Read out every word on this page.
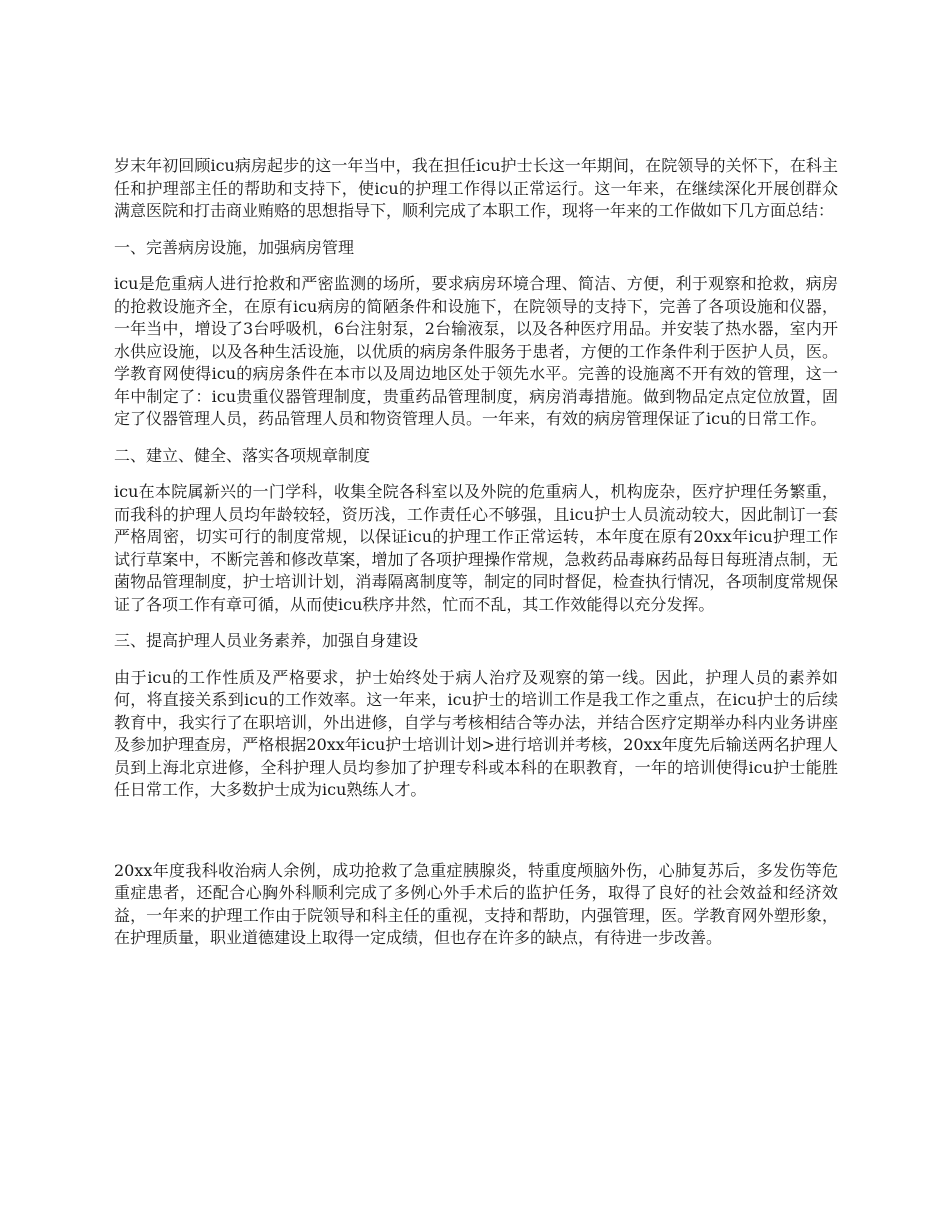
岁末年初回顾icu病房起步的这一年当中，我在担任icu护士长这一年期间，在院领导的关怀下，在科主任和护理部主任的帮助和支持下，使icu的护理工作得以正常运行。这一年来，在继续深化开展创群众满意医院和打击商业贿赂的思想指导下，顺利完成了本职工作，现将一年来的工作做如下几方面总结：

一、完善病房设施，加强病房管理

icu是危重病人进行抢救和严密监测的场所，要求病房环境合理、简洁、方便，利于观察和抢救，病房的抢救设施齐全，在原有icu病房的简陋条件和设施下，在院领导的支持下，完善了各项设施和仪器，一年当中，增设了3台呼吸机，6台注射泵，2台输液泵，以及各种医疗用品。并安装了热水器，室内开水供应设施，以及各种生活设施，以优质的病房条件服务于患者，方便的工作条件利于医护人员，医。学教育网使得icu的病房条件在本市以及周边地区处于领先水平。完善的设施离不开有效的管理，这一年中制定了：icu贵重仪器管理制度，贵重药品管理制度，病房消毒措施。做到物品定点定位放置，固定了仪器管理人员，药品管理人员和物资管理人员。一年来，有效的病房管理保证了icu的日常工作。

二、建立、健全、落实各项规章制度

icu在本院属新兴的一门学科，收集全院各科室以及外院的危重病人，机构庞杂，医疗护理任务繁重，而我科的护理人员均年龄较轻，资历浅，工作责任心不够强，且icu护士人员流动较大，因此制订一套严格周密，切实可行的制度常规，以保证icu的护理工作正常运转，本年度在原有20xx年icu护理工作试行草案中，不断完善和修改草案，增加了各项护理操作常规，急救药品毒麻药品每日每班清点制，无菌物品管理制度，护士培训计划，消毒隔离制度等，制定的同时督促，检查执行情况，各项制度常规保证了各项工作有章可循，从而使icu秩序井然，忙而不乱，其工作效能得以充分发挥。

三、提高护理人员业务素养，加强自身建设

由于icu的工作性质及严格要求，护士始终处于病人治疗及观察的第一线。因此，护理人员的素养如何，将直接关系到icu的工作效率。这一年来，icu护士的培训工作是我工作之重点，在icu护士的后续教育中，我实行了在职培训，外出进修，自学与考核相结合等办法，并结合医疗定期举办科内业务讲座及参加护理查房，严格根据20xx年icu护士培训计划>进行培训并考核，20xx年度先后输送两名护理人员到上海北京进修，全科护理人员均参加了护理专科或本科的在职教育，一年的培训使得icu护士能胜任日常工作，大多数护士成为icu熟练人才。

20xx年度我科收治病人余例，成功抢救了急重症胰腺炎，特重度颅脑外伤，心肺复苏后，多发伤等危重症患者，还配合心胸外科顺利完成了多例心外手术后的监护任务，取得了良好的社会效益和经济效益，一年来的护理工作由于院领导和科主任的重视，支持和帮助，内强管理，医。学教育网外塑形象，在护理质量，职业道德建设上取得一定成绩，但也存在许多的缺点，有待进一步改善。
